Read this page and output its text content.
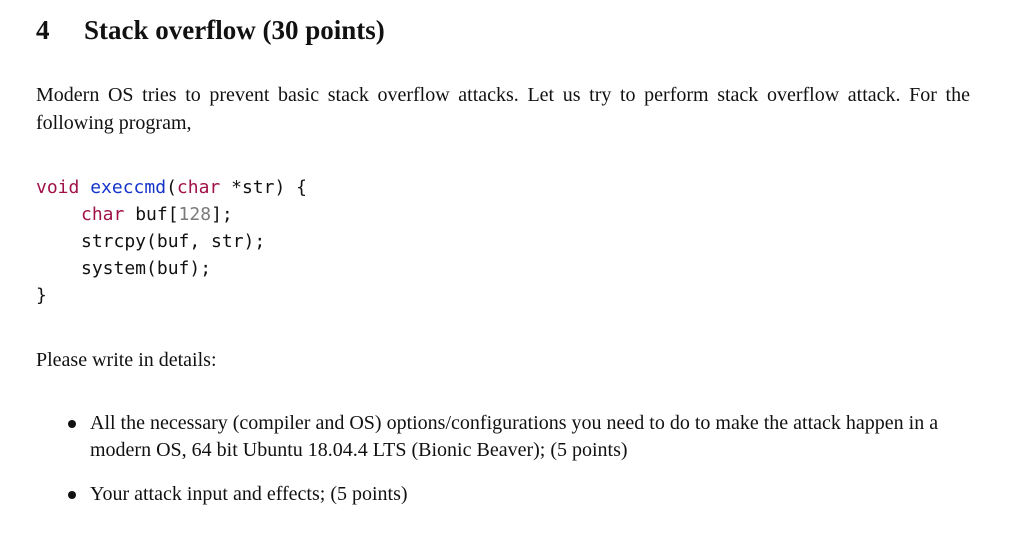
4 Stack overflow (30 points)

Modern OS tries to prevent basic stack overflow attacks. Let us try to perform stack overflow attack. For the following program,

void execcmd(char *str) {
char buf[128];
strcpy(buf, str);
system(buf);
}
Please write in details:
All the necessary (compiler and OS) options/configurations you need to do to make the attack happen in a modern OS, 64 bit Ubuntu 18.04.4 LTS (Bionic Beaver); (5 points)
Your attack input and effects; (5 points)
